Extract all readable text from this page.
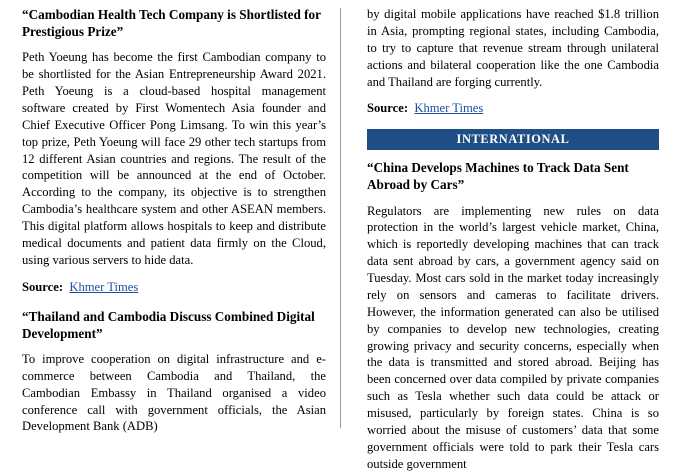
“Cambodian Health Tech Company is Shortlisted for Prestigious Prize”

Peth Yoeung has become the first Cambodian company to be shortlisted for the Asian Entrepreneurship Award 2021. Peth Yoeung is a cloud-based hospital management software created by First Womentech Asia founder and Chief Executive Officer Pong Limsang. To win this year’s top prize, Peth Yoeung will face 29 other tech startups from 12 different Asian countries and regions. The result of the competition will be announced at the end of October. According to the company, its objective is to strengthen Cambodia’s healthcare system and other ASEAN members. This digital platform allows hospitals to keep and distribute medical documents and patient data firmly on the Cloud, using various servers to hide data.

Source: Khmer Times

“Thailand and Cambodia Discuss Combined Digital Development”

To improve cooperation on digital infrastructure and e-commerce between Cambodia and Thailand, the Cambodian Embassy in Thailand organised a video conference call with government officials, the Asian Development Bank (ADB)

by digital mobile applications have reached $1.8 trillion in Asia, prompting regional states, including Cambodia, to try to capture that revenue stream through unilateral actions and bilateral cooperation like the one Cambodia and Thailand are forging currently.

Source: Khmer Times

INTERNATIONAL
“China Develops Machines to Track Data Sent Abroad by Cars”

Regulators are implementing new rules on data protection in the world’s largest vehicle market, China, which is reportedly developing machines that can track data sent abroad by cars, a government agency said on Tuesday. Most cars sold in the market today increasingly rely on sensors and cameras to facilitate drivers. However, the information generated can also be utilised by companies to develop new technologies, creating growing privacy and security concerns, especially when the data is transmitted and stored abroad. Beijing has been concerned over data compiled by private companies such as Tesla whether such data could be attack or misused, particularly by foreign states. China is so worried about the misuse of customers’ data that some government officials were told to park their Tesla cars outside government
